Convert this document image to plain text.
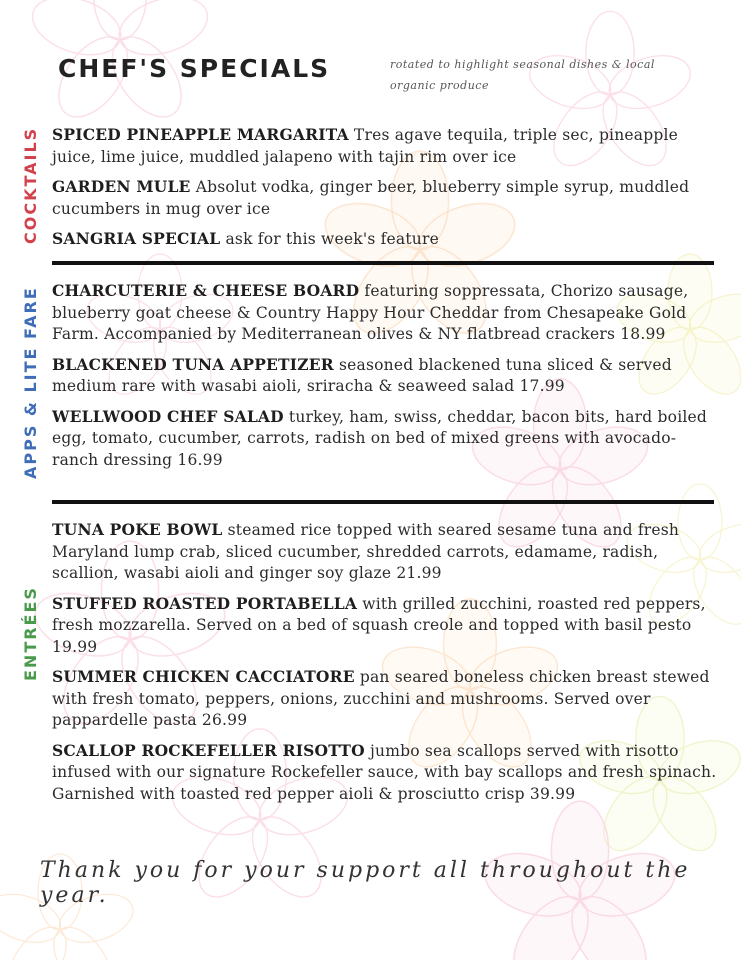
CHEF'S SPECIALS	rotated to highlight seasonal dishes & local organic produce
COCKTAILS SPICED PINEAPPLE MARGARITA Tres agave tequila, triple sec, pineapple juice, lime juice, muddled jalapeno with tajin rim over ice
GARDEN MULE Absolut vodka, ginger beer, blueberry simple syrup, muddled cucumbers in mug over ice
SANGRIA SPECIAL ask for this week's feature
APPS & LITE FARE CHARCUTERIE & CHEESE BOARD featuring soppressata, Chorizo sausage, blueberry goat cheese & Country Happy Hour Cheddar from Chesapeake Gold Farm. Accompanied by Mediterranean olives & NY flatbread crackers 18.99
BLACKENED TUNA APPETIZER seasoned blackened tuna sliced & served medium rare with wasabi aioli, sriracha & seaweed salad 17.99
WELLWOOD CHEF SALAD turkey, ham, swiss, cheddar, bacon bits, hard boiled egg, tomato, cucumber, carrots, radish on bed of mixed greens with avocado-ranch dressing 16.99
ENTRÉES
TUNA POKE BOWL steamed rice topped with seared sesame tuna and fresh Maryland lump crab, sliced cucumber, shredded carrots, edamame, radish, scallion, wasabi aioli and ginger soy glaze 21.99
STUFFED ROASTED PORTABELLA with grilled zucchini, roasted red peppers, fresh mozzarella. Served on a bed of squash creole and topped with basil pesto 19.99
SUMMER CHICKEN CACCIATORE pan seared boneless chicken breast stewed with fresh tomato, peppers, onions, zucchini and mushrooms. Served over pappardelle pasta 26.99
SCALLOP ROCKEFELLER RISOTTO jumbo sea scallops served with risotto infused with our signature Rockefeller sauce, with bay scallops and fresh spinach. Garnished with toasted red pepper aioli & prosciutto crisp 39.99
Thank you for your support all throughout the year.
